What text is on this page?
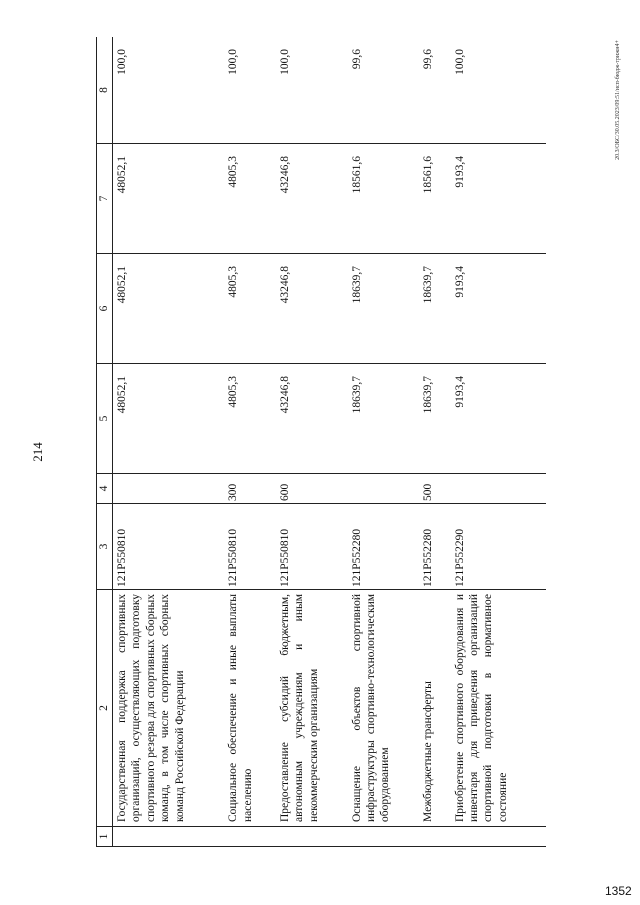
214
20.3/ОБС/30.05.2023/09:51/исп-бюдж-трижн4+
1352
1	2	3	4	5	6	7	8
	Государственная поддержка спортивных организаций, осуществляющих подготовку спортивного резерва для спортивных сборных команд, в том числе спортивных сборных команд Российской Федерации	121Р550810		48052,1	48052,1	48052,1	100,0
	Социальное обеспечение и иные выплаты населению	121Р550810	300	4805,3	4805,3	4805,3	100,0
	Предоставление субсидий бюджетным, автономным учреждениям и иным некоммерческим организациям	121Р550810	600	43246,8	43246,8	43246,8	100,0
	Оснащение объектов спортивной инфраструктуры спортивно-технологическим оборудованием	121Р552280		18639,7	18639,7	18561,6	99,6
	Межбюджетные трансферты	121Р552280	500	18639,7	18639,7	18561,6	99,6
	Приобретение спортивного оборудования и инвентаря для приведения организаций спортивной подготовки в нормативное состояние	121Р552290		9193,4	9193,4	9193,4	100,0
